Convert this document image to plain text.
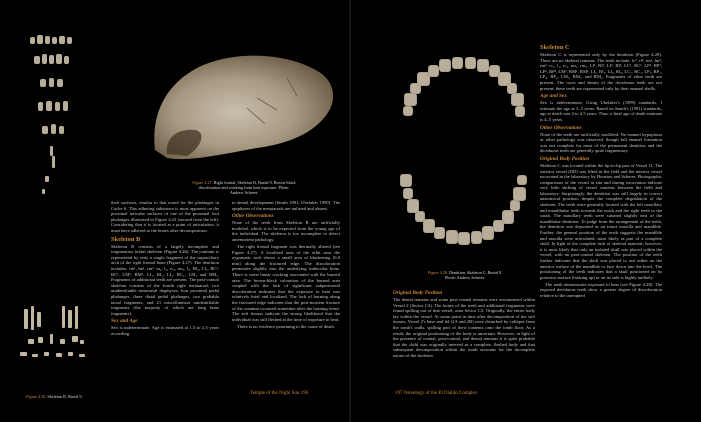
Figure 4.26. Skeleton B, Burial 9.
Figure 4.27. Right frontal: Skeleton B, Burial 9. Brown-black discoloration and cracking from heat exposure. Photo: Andrew Scherer.

their surfaces, similar to that noted for the phalanges in Cache 6. This adhering substance is most apparent on the proximal articular surfaces of one of the proximal foot phalanges illustrated in Figure 4.22 (second from the left). Considering that it is located at a point of articulation, it must have adhered to the bones after decomposition.

Skeleton B

Skeleton B consists of a largely incomplete and fragmentary infant skeleton (Figure 4.26). The cranium is represented by only a single fragment of the supraciliary arch of the right frontal bone (Figure 4.27). The dentition includes: rm¹, lm¹, rm², m₂, l₂, rc₂, rm₁, I₂, RI₂, LI₂, RC¹, RC¹, LM², RM¹, LI₁, RI₁, LI₁, RC₁, LM₁ and RM₁. Fragments of additional teeth are present. The post-cranial skeleton consists of the fourth right metatarsal, two unidentifiable metatarsal diaphyses, four proximal pedal phalanges, three distal pedal phalanges, two probable tarsal fragments, and 21 miscellaneous unidentifiable fragments (the majority of which are long bone fragments).

Sex and Age

Sex is indeterminate. Age is estimated at 1.5 to 2.5 years according

to dental development (Smith 1991; Ubelaker 1999). The epiphyses of the metatarsals are unfused and absent.

Other Observations

None of the teeth from Skeleton B are artificially modeled, which is to be expected from the young age of the individual. The skeleton is too incomplete to detect antemortem pathology.

The right frontal fragment was thermally altered (see Figure 4.27). A localized area of the orbit near the zygomatic arch shows a small area of blackening (6.0 mm) along the fractured edge. The discoloration permeates slightly into the underlying trabecular bone. There is some linear cracking associated with the burned area. The brown-black coloration of the burned area coupled with the lack of significant subperiosteal discoloration indicates that the exposure to heat was relatively brief and localized. The lack of burning along the fractured edge indicates that the post-mortem fracture of the cranium occurred sometime after the burning event. The soft tissues indicate the strong likelihood that the individual was still fleshed at the time of exposure to heat.

There is no evidence pertaining to the cause of death.

Temple of the Night Sun 196
Figure 4.28. Dentition, Skeleton C, Burial 9. Photo: Andrew Scherer.
Original Body Position

The dental remains and some post-cranial remains were encountered within Vessel 2 (Sector C4). The bones of the teeth and additional fragments were found spilling out of that vessel, onto Sector C3. Originally, the entire body lay within the vessel. At some point in time after decomposition of the soft tissues, Vessel 2's base and lid (2A and 2B) were disturbed by collapse from the tomb's walls, spilling part of their contents onto the tomb floor. As a result, the original positioning of the body is uncertain. However, in light of the presence of cranial, post-cranial, and dental remains it is quite probable that the child was originally interred as a complete, fleshed body and that subsequent decomposition within the tomb accounts for the incomplete nature of the skeleton.

Skeleton C

Skeleton C is represented only by the dentition (Figure 4.28). There are no skeletal remains. The teeth include: lc², rl², rm¹, lm², rm², rc₁, l₁, rc₂, rm₁, rm₂, LI¹, RI¹, LI², RI², LC¹, RC¹, LP¹, RP¹, LP², RP², LM¹, RM¹, RM², LI₁, RI₁, LI₂, RI₂, LC₁, RC₁, LP₁, RP₁, LP₂, RP₂, LM₁, RM₁, and RM₂. Fragments of other teeth are present. The roots and dentin of the deciduous teeth are not present; these teeth are represented only by their enamel shells.

Age and Sex

Sex is indeterminate. Using Ubelaker's (1999) standards, I estimate the age at 3–5 years. Based on Smith's (1991) standards, age at death was 4 to 4.5 years. Thus, a final age of death estimate is 4–5 years.

Other Observations

None of the teeth are artificially modified. No enamel hypoplasia or other pathology was observed, though full enamel formation was not complete for most of the permanent dentition and the deciduous teeth are generally quite fragmentary.

Original Body Position

Skeleton C was located within the lip-to-lip pair of Vessel 1I. The exterior vessel (IID) was lifted in the field and the interior vessel excavated in the laboratory by Houston and Scherer. Photographic comparisons of the vessel in situ and during excavation indicate very little shifting of vessel contents between the field and laboratory. Surprisingly, the dentition was still largely in correct anatomical position, despite the complete degradation of the skeleton. The teeth were generally located with the left maxillary and mandibular teeth towards the north and the right teeth to the south. The maxillary teeth were situated slightly east of the mandibular dentition. To judge from the arrangement of the teeth, the dentition was deposited as an intact maxilla and mandible. Further, the general position of the teeth suggests the mandible and maxilla were articulated, most likely as part of a complete skull. In light of the complete lack of skeletal material, however, it is most likely that only an isolated skull was placed within the vessel, with no post-cranial skeleton. The position of the teeth further indicates that the skull was placed to rest either on the anterior surface of the mandible or face down into the bowl. The positioning of the teeth indicates that a skull positioned on its posterior surface (looking up) or on its side is highly unlikely.

The teeth demonstrate exposure to heat (see Figure 4.28). The exposed deciduous teeth show a greater degree of discoloration relative to the unerupted

197 Osteology of the El Diablo Complex
